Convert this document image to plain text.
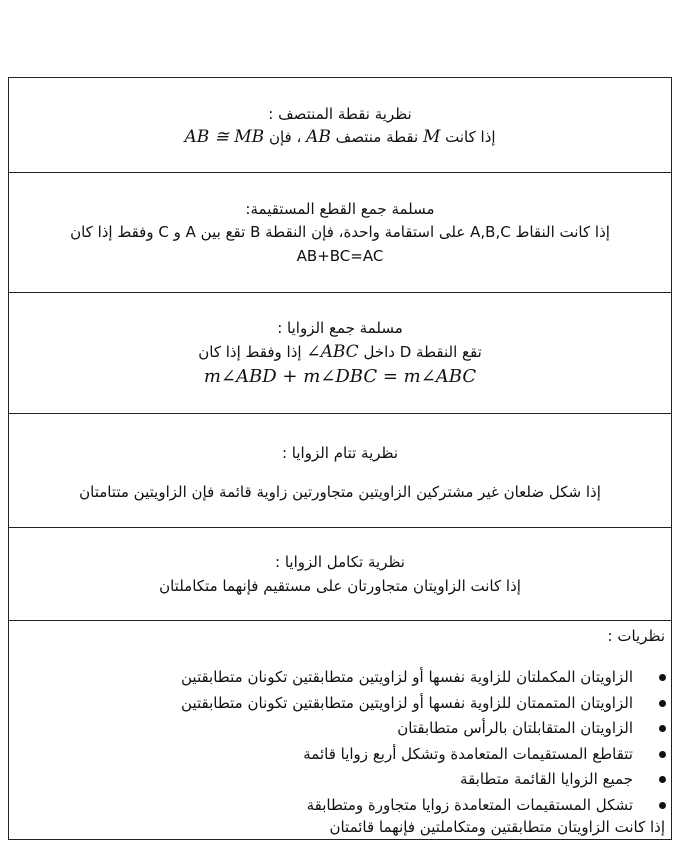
نظرية نقطة المنتصف :
إذا كانت M نقطة منتصف AB ، فإن AB ≅ MB
مسلمة جمع القطع المستقيمة:
إذا كانت النقاط A,B,C على استقامة واحدة، فإن النقطة B تقع بين A و C وفقط إذا كان
AB+BC=AC
مسلمة جمع الزوايا :
تقع النقطة D داخل ∠ABC إذا وفقط إذا كان
m∠ABD + m∠DBC = m∠ABC
نظرية تتام الزوايا :
إذا شكل ضلعان غير مشتركين الزاويتين متجاورتين زاوية قائمة فإن الزاويتين متتامتان
نظرية تكامل الزوايا :
إذا كانت الزاويتان متجاورتان على مستقيم فإنهما متكاملتان
نظريات :
الزاويتان المكملتان للزاوية نفسها أو لزاويتين متطابقتين تكونان متطابقتين
الزاويتان المتممتان للزاوية نفسها أو لزاويتين متطابقتين تكونان متطابقتين
الزاويتان المتقابلتان بالرأس متطابقتان
تتقاطع المستقيمات المتعامدة وتشكل أربع زوايا قائمة
جميع الزوايا القائمة متطابقة
تشكل المستقيمات المتعامدة زوايا متجاورة ومتطابقة
إذا كانت الزاويتان متطابقتين ومتكاملتين فإنهما قائمتان
